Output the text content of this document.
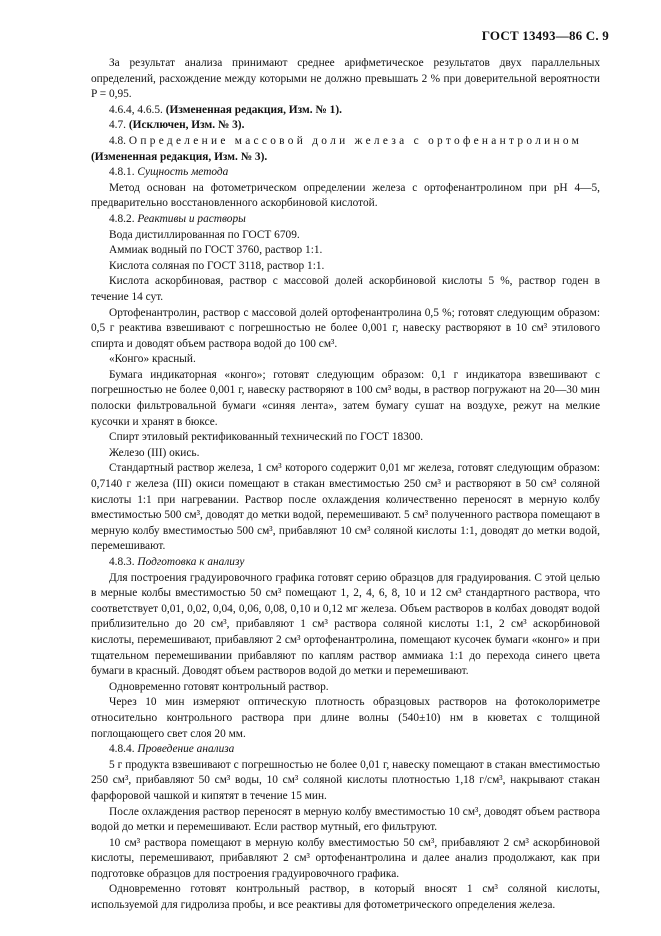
ГОСТ 13493—86 С. 9

За результат анализа принимают среднее арифметическое результатов двух параллельных определений, расхождение между которыми не должно превышать 2 % при доверительной вероятности P = 0,95.

4.6.4, 4.6.5. (Измененная редакция, Изм. № 1).

4.7. (Исключен, Изм. № 3).

4.8. Определение массовой доли железа с ортофенантролином

(Измененная редакция, Изм. № 3).

4.8.1. Сущность метода

Метод основан на фотометрическом определении железа с ортофенантролином при pH 4—5, предварительно восстановленного аскорбиновой кислотой.

4.8.2. Реактивы и растворы

Вода дистиллированная по ГОСТ 6709.

Аммиак водный по ГОСТ 3760, раствор 1:1.

Кислота соляная по ГОСТ 3118, раствор 1:1.

Кислота аскорбиновая, раствор с массовой долей аскорбиновой кислоты 5 %, раствор годен в течение 14 сут.

Ортофенантролин, раствор с массовой долей ортофенантролина 0,5 %; готовят следующим образом: 0,5 г реактива взвешивают с погрешностью не более 0,001 г, навеску растворяют в 10 см³ этилового спирта и доводят объем раствора водой до 100 см³.

«Конго» красный.

Бумага индикаторная «конго»; готовят следующим образом: 0,1 г индикатора взвешивают с погрешностью не более 0,001 г, навеску растворяют в 100 см³ воды, в раствор погружают на 20—30 мин полоски фильтровальной бумаги «синяя лента», затем бумагу сушат на воздухе, режут на мелкие кусочки и хранят в бюксе.

Спирт этиловый ректификованный технический по ГОСТ 18300.

Железо (III) окись.

Стандартный раствор железа, 1 см³ которого содержит 0,01 мг железа, готовят следующим образом: 0,7140 г железа (III) окиси помещают в стакан вместимостью 250 см³ и растворяют в 50 см³ соляной кислоты 1:1 при нагревании. Раствор после охлаждения количественно переносят в мерную колбу вместимостью 500 см³, доводят до метки водой, перемешивают. 5 см³ полученного раствора помещают в мерную колбу вместимостью 500 см³, прибавляют 10 см³ соляной кислоты 1:1, доводят до метки водой, перемешивают.

4.8.3. Подготовка к анализу

Для построения градуировочного графика готовят серию образцов для градуирования. С этой целью в мерные колбы вместимостью 50 см³ помещают 1, 2, 4, 6, 8, 10 и 12 см³ стандартного раствора, что соответствует 0,01, 0,02, 0,04, 0,06, 0,08, 0,10 и 0,12 мг железа. Объем растворов в колбах доводят водой приблизительно до 20 см³, прибавляют 1 см³ раствора соляной кислоты 1:1, 2 см³ аскорбиновой кислоты, перемешивают, прибавляют 2 см³ ортофенантролина, помещают кусочек бумаги «конго» и при тщательном перемешивании прибавляют по каплям раствор аммиака 1:1 до перехода синего цвета бумаги в красный. Доводят объем растворов водой до метки и перемешивают.

Одновременно готовят контрольный раствор.

Через 10 мин измеряют оптическую плотность образцовых растворов на фотоколориметре относительно контрольного раствора при длине волны (540±10) нм в кюветах с толщиной поглощающего свет слоя 20 мм.

4.8.4. Проведение анализа

5 г продукта взвешивают с погрешностью не более 0,01 г, навеску помещают в стакан вместимостью 250 см³, прибавляют 50 см³ воды, 10 см³ соляной кислоты плотностью 1,18 г/см³, накрывают стакан фарфоровой чашкой и кипятят в течение 15 мин.

После охлаждения раствор переносят в мерную колбу вместимостью 10 см³, доводят объем раствора водой до метки и перемешивают. Если раствор мутный, его фильтруют.

10 см³ раствора помещают в мерную колбу вместимостью 50 см³, прибавляют 2 см³ аскорбиновой кислоты, перемешивают, прибавляют 2 см³ ортофенантролина и далее анализ продолжают, как при подготовке образцов для построения градуировочного графика.

Одновременно готовят контрольный раствор, в который вносят 1 см³ соляной кислоты, используемой для гидролиза пробы, и все реактивы для фотометрического определения железа.
